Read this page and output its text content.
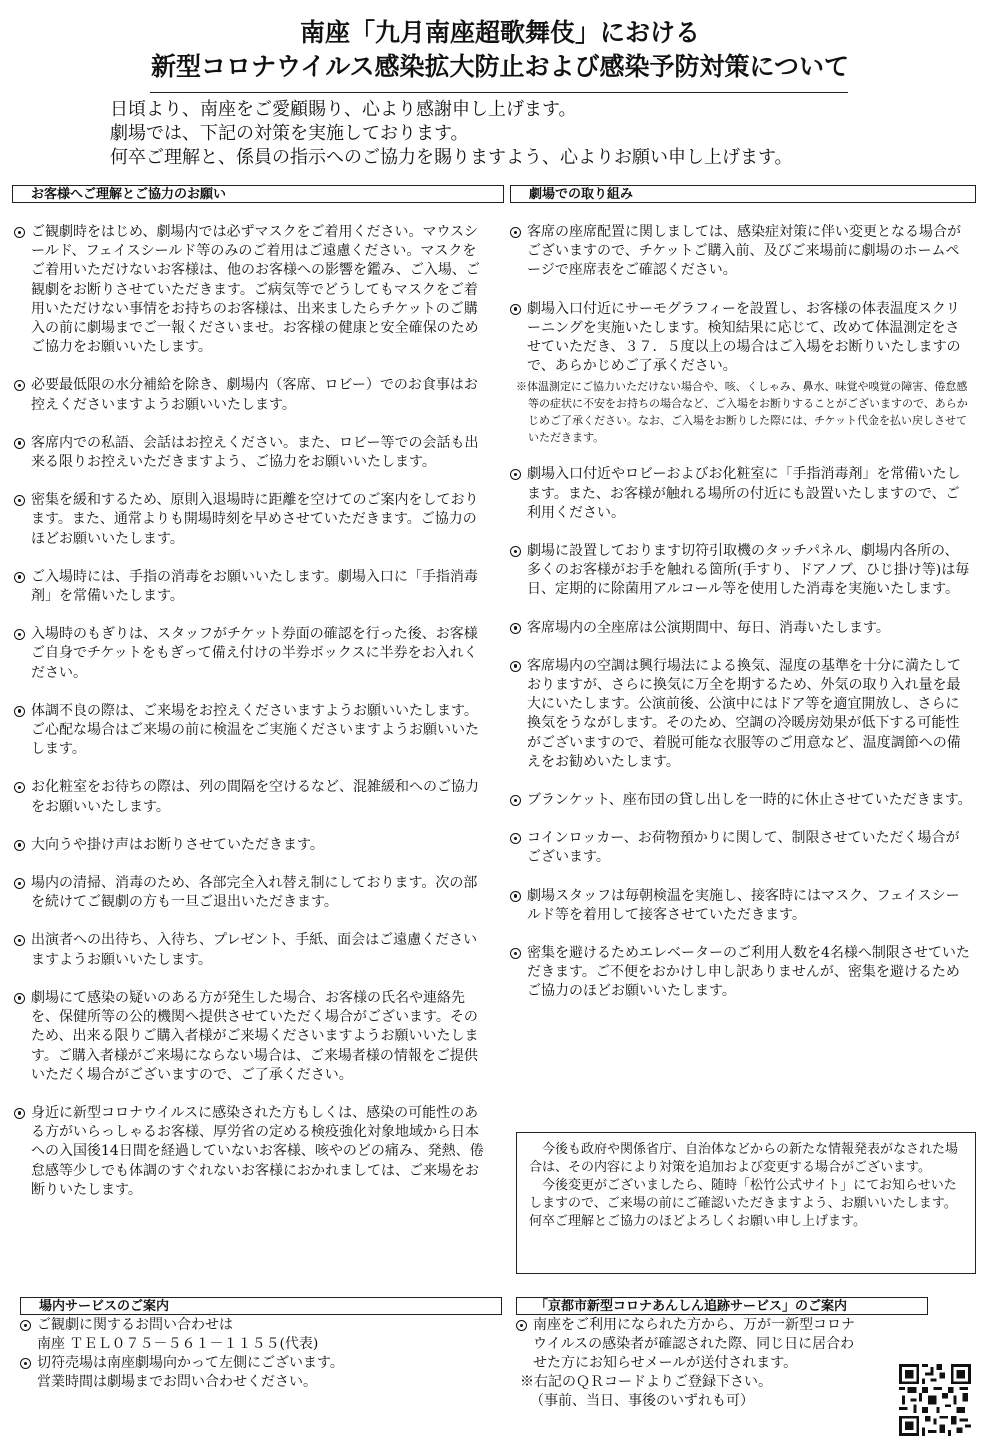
南座「九月南座超歌舞伎」における
新型コロナウイルス感染拡大防止および感染予防対策について
日頃より、南座をご愛顧賜り、心より感謝申し上げます。
劇場では、下記の対策を実施しております。
何卒ご理解と、係員の指示へのご協力を賜りますよう、心よりお願い申し上げます。
お客様へご理解とご協力のお願い
ご観劇時をはじめ、劇場内では必ずマスクをご着用ください。マウスシールド、フェイスシールド等のみのご着用はご遠慮ください。マスクをご着用いただけないお客様は、他のお客様への影響を鑑み、ご入場、ご観劇をお断りさせていただきます。ご病気等でどうしてもマスクをご着用いただけない事情をお持ちのお客様は、出来ましたらチケットのご購入の前に劇場までご一報くださいませ。お客様の健康と安全確保のためご協力をお願いいたします。
必要最低限の水分補給を除き、劇場内（客席、ロビー）でのお食事はお控えくださいますようお願いいたします。
客席内での私語、会話はお控えください。また、ロビー等での会話も出来る限りお控えいただきますよう、ご協力をお願いいたします。
密集を緩和するため、原則入退場時に距離を空けてのご案内をしております。また、通常よりも開場時刻を早めさせていただきます。ご協力のほどお願いいたします。
ご入場時には、手指の消毒をお願いいたします。劇場入口に「手指消毒剤」を常備いたします。
入場時のもぎりは、スタッフがチケット券面の確認を行った後、お客様ご自身でチケットをもぎって備え付けの半券ボックスに半券をお入れください。
体調不良の際は、ご来場をお控えくださいますようお願いいたします。ご心配な場合はご来場の前に検温をご実施くださいますようお願いいたします。
お化粧室をお待ちの際は、列の間隔を空けるなど、混雑緩和へのご協力をお願いいたします。
大向うや掛け声はお断りさせていただきます。
場内の清掃、消毒のため、各部完全入れ替え制にしております。次の部を続けてご観劇の方も一旦ご退出いただきます。
出演者への出待ち、入待ち、プレゼント、手紙、面会はご遠慮くださいますようお願いいたします。
劇場にて感染の疑いのある方が発生した場合、お客様の氏名や連絡先を、保健所等の公的機関へ提供させていただく場合がございます。そのため、出来る限りご購入者様がご来場くださいますようお願いいたします。ご購入者様がご来場にならない場合は、ご来場者様の情報をご提供いただく場合がございますので、ご了承ください。
身近に新型コロナウイルスに感染された方もしくは、感染の可能性のある方がいらっしゃるお客様、厚労省の定める検疫強化対象地域から日本への入国後14日間を経過していないお客様、咳やのどの痛み、発熱、倦怠感等少しでも体調のすぐれないお客様におかれましては、ご来場をお断りいたします。
劇場での取り組み
客席の座席配置に関しましては、感染症対策に伴い変更となる場合がございますので、チケットご購入前、及びご来場前に劇場のホームページで座席表をご確認ください。
劇場入口付近にサーモグラフィーを設置し、お客様の体表温度スクリーニングを実施いたします。検知結果に応じて、改めて体温測定をさせていただき、３７．５度以上の場合はご入場をお断りいたしますので、あらかじめご了承ください。
※体温測定にご協力いただけない場合や、咳、くしゃみ、鼻水、味覚や嗅覚の障害、倦怠感等の症状に不安をお持ちの場合など、ご入場をお断りすることがございますので、あらかじめご了承ください。なお、ご入場をお断りした際には、チケット代金を払い戻しさせていただきます。
劇場入口付近やロビーおよびお化粧室に「手指消毒剤」を常備いたします。また、お客様が触れる場所の付近にも設置いたしますので、ご利用ください。
劇場に設置しております切符引取機のタッチパネル、劇場内各所の、多くのお客様がお手を触れる箇所(手すり、ドアノブ、ひじ掛け等)は毎日、定期的に除菌用アルコール等を使用した消毒を実施いたします。
客席場内の全座席は公演期間中、毎日、消毒いたします。
客席場内の空調は興行場法による換気、湿度の基準を十分に満たしておりますが、さらに換気に万全を期するため、外気の取り入れ量を最大にいたします。公演前後、公演中にはドア等を適宜開放し、さらに換気をうながします。そのため、空調の冷暖房効果が低下する可能性がございますので、着脱可能な衣服等のご用意など、温度調節への備えをお勧めいたします。
ブランケット、座布団の貸し出しを一時的に休止させていただきます。
コインロッカー、お荷物預かりに関して、制限させていただく場合がございます。
劇場スタッフは毎朝検温を実施し、接客時にはマスク、フェイスシールド等を着用して接客させていただきます。
密集を避けるためエレベーターのご利用人数を4名様へ制限させていただきます。ご不便をおかけし申し訳ありませんが、密集を避けるためご協力のほどお願いいたします。

今後も政府や関係省庁、自治体などからの新たな情報発表がなされた場合は、その内容により対策を追加および変更する場合がございます。

今後変更がございましたら、随時「松竹公式サイト」にてお知らせいたしますので、ご来場の前にご確認いただきますよう、お願いいたします。何卒ご理解とご協力のほどよろしくお願い申し上げます。

場内サービスのご案内
ご観劇に関するお問い合わせは
南座 ＴＥＬ０７５－５６１－１１５５(代表)
切符売場は南座劇場向かって左側にございます。
営業時間は劇場までお問い合わせください。
「京都市新型コロナあんしん追跡サービス」のご案内
南座をご利用になられた方から、万が一新型コロナ
ウイルスの感染者が確認された際、同じ日に居合わ
せた方にお知らせメールが送付されます。
※右記のＱＲコードよりご登録下さい。
（事前、当日、事後のいずれも可）
